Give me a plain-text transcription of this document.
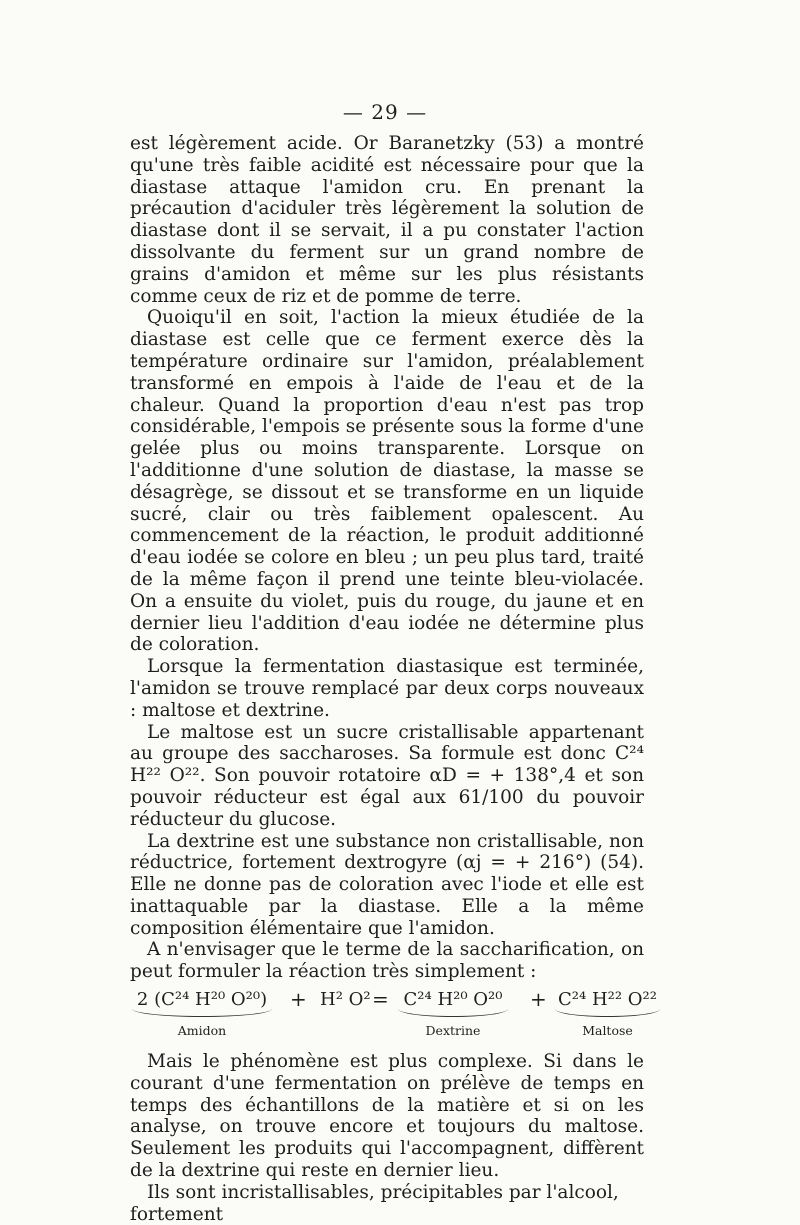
— 29 —

est légèrement acide. Or Baranetzky (53) a montré qu'une très faible acidité est nécessaire pour que la diastase attaque l'amidon cru. En prenant la précaution d'aciduler très légèrement la solution de diastase dont il se servait, il a pu constater l'action dissolvante du ferment sur un grand nombre de grains d'amidon et même sur les plus résistants comme ceux de riz et de pomme de terre.

Quoiqu'il en soit, l'action la mieux étudiée de la diastase est celle que ce ferment exerce dès la température ordinaire sur l'amidon, préalablement transformé en empois à l'aide de l'eau et de la chaleur. Quand la proportion d'eau n'est pas trop considérable, l'empois se présente sous la forme d'une gelée plus ou moins transparente. Lorsque on l'additionne d'une solution de diastase, la masse se désagrège, se dissout et se transforme en un liquide sucré, clair ou très faiblement opalescent. Au commencement de la réaction, le produit additionné d'eau iodée se colore en bleu ; un peu plus tard, traité de la même façon il prend une teinte bleu-violacée. On a ensuite du violet, puis du rouge, du jaune et en dernier lieu l'addition d'eau iodée ne détermine plus de coloration.

Lorsque la fermentation diastasique est terminée, l'amidon se trouve remplacé par deux corps nouveaux : maltose et dextrine.

Le maltose est un sucre cristallisable appartenant au groupe des saccharoses. Sa formule est donc C²⁴ H²² O²². Son pouvoir rotatoire αD = + 138°,4 et son pouvoir réducteur est égal aux 61/100 du pouvoir réducteur du glucose.

La dextrine est une substance non cristallisable, non réductrice, fortement dextrogyre (αj = + 216°) (54). Elle ne donne pas de coloration avec l'iode et elle est inattaquable par la diastase. Elle a la même composition élémentaire que l'amidon.

A n'envisager que le terme de la saccharification, on peut formuler la réaction très simplement :

2 (C²⁴ H²⁰ O²⁰)
Amidon
+ H² O² = C²⁴ H²⁰ O²⁰
Dextrine
+ C²⁴ H²² O²²
Maltose

Mais le phénomène est plus complexe. Si dans le courant d'une fermentation on prélève de temps en temps des échantillons de la matière et si on les analyse, on trouve encore et toujours du maltose. Seulement les produits qui l'accompagnent, diffèrent de la dextrine qui reste en dernier lieu.

Ils sont incristallisables, précipitables par l'alcool, fortement
